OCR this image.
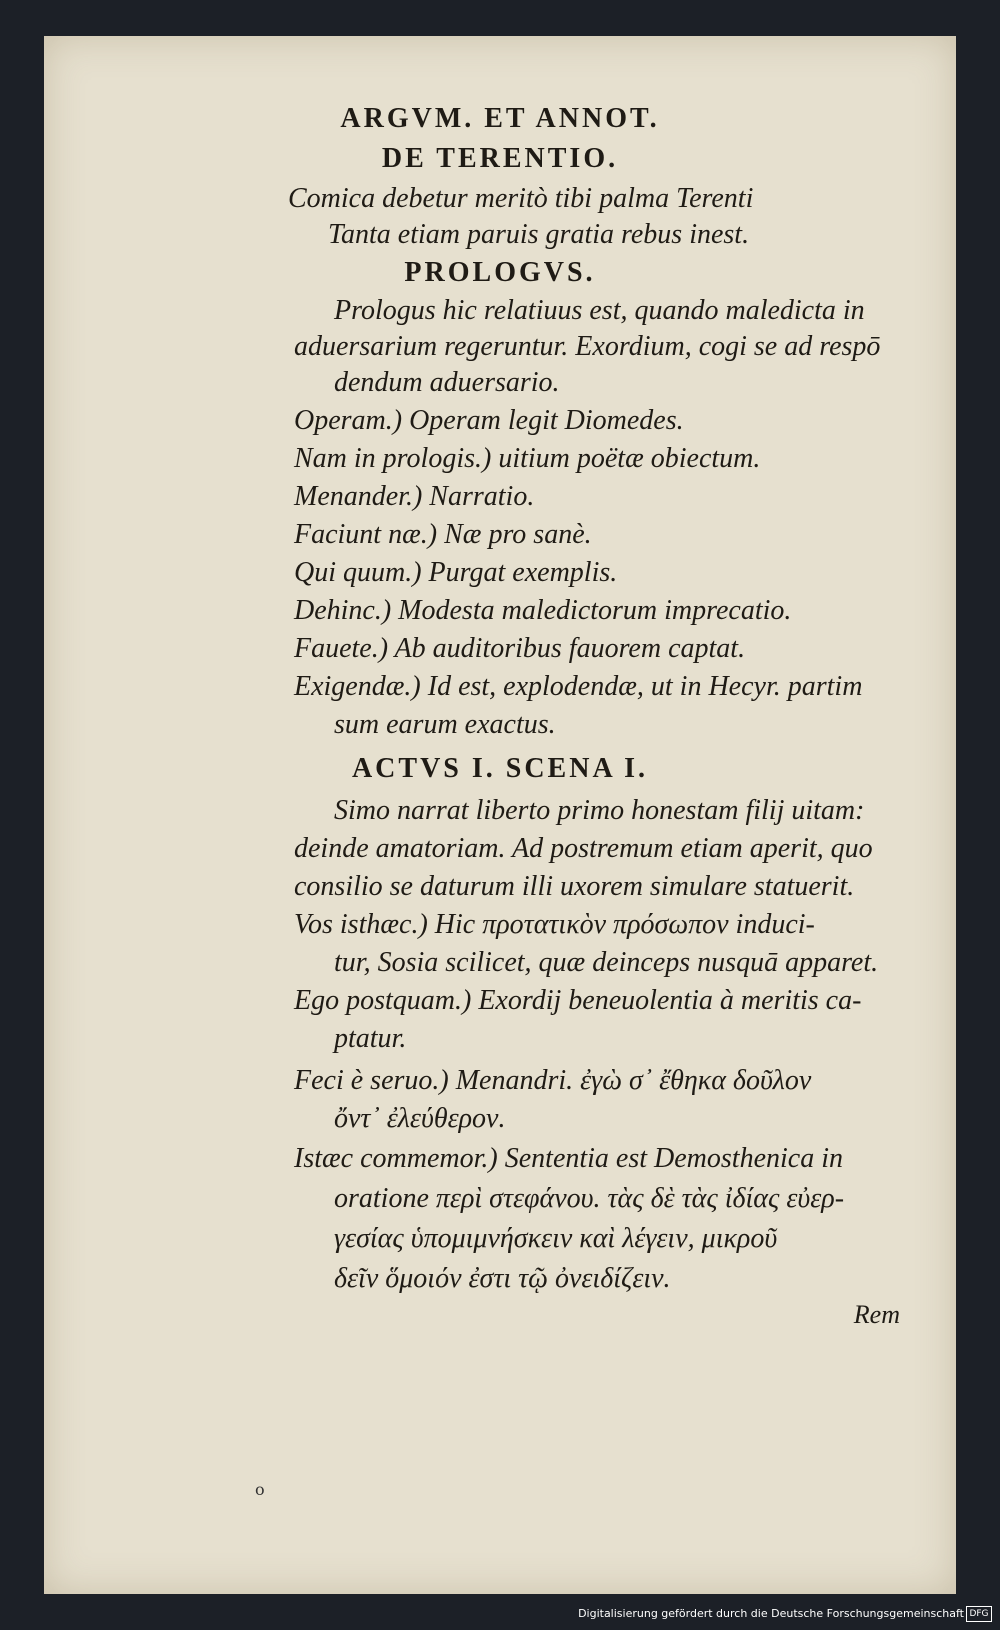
ARGVM. ET ANNOT.
DE TERENTIO.
Comica debetur meritò tibi palma Terenti
Tanta etiam paruis gratia rebus inest.
PROLOGVS.
Prologus hic relatiuus est, quando maledicta in
aduersarium regeruntur. Exordium, cogi se ad respō
dendum aduersario.
Operam.) Operam legit Diomedes.
Nam in prologis.) uitium poëtæ obiectum.
Menander.) Narratio.
Faciunt næ.) Næ pro sanè.
Qui quum.) Purgat exemplis.
Dehinc.) Modesta maledictorum imprecatio.
Fauete.) Ab auditoribus fauorem captat.
Exigendæ.) Id est, explodendæ, ut in Hecyr. partim
sum earum exactus.
ACTVS I. SCENA I.
Simo narrat liberto primo honestam filij uitam:
deinde amatoriam. Ad postremum etiam aperit, quo
consilio se daturum illi uxorem simulare statuerit.
Vos isthæc.) Hic προτατικὸν πρόσωπον induci-
tur, Sosia scilicet, quæ deinceps nusquā apparet.
Ego postquam.) Exordij beneuolentia à meritis ca-
ptatur.
Feci è seruo.) Menandri. ἐγὼ σ᾽ ἔθηκα δοῦλον
ὄντ᾽ ἐλεύθερον.
Istæc commemor.) Sententia est Demosthenica in
oratione περὶ στεφάνου. τὰς δὲ τὰς ἰδίας εὐερ-
γεσίας ὑπομιμνήσκειν καὶ λέγειν, μικροῦ
δεῖν ὅμοιόν ἐστι τῷ ὀνειδίζειν.
Rem
o
Digitalisierung gefördert durch die Deutsche Forschungsgemeinschaft DFG
